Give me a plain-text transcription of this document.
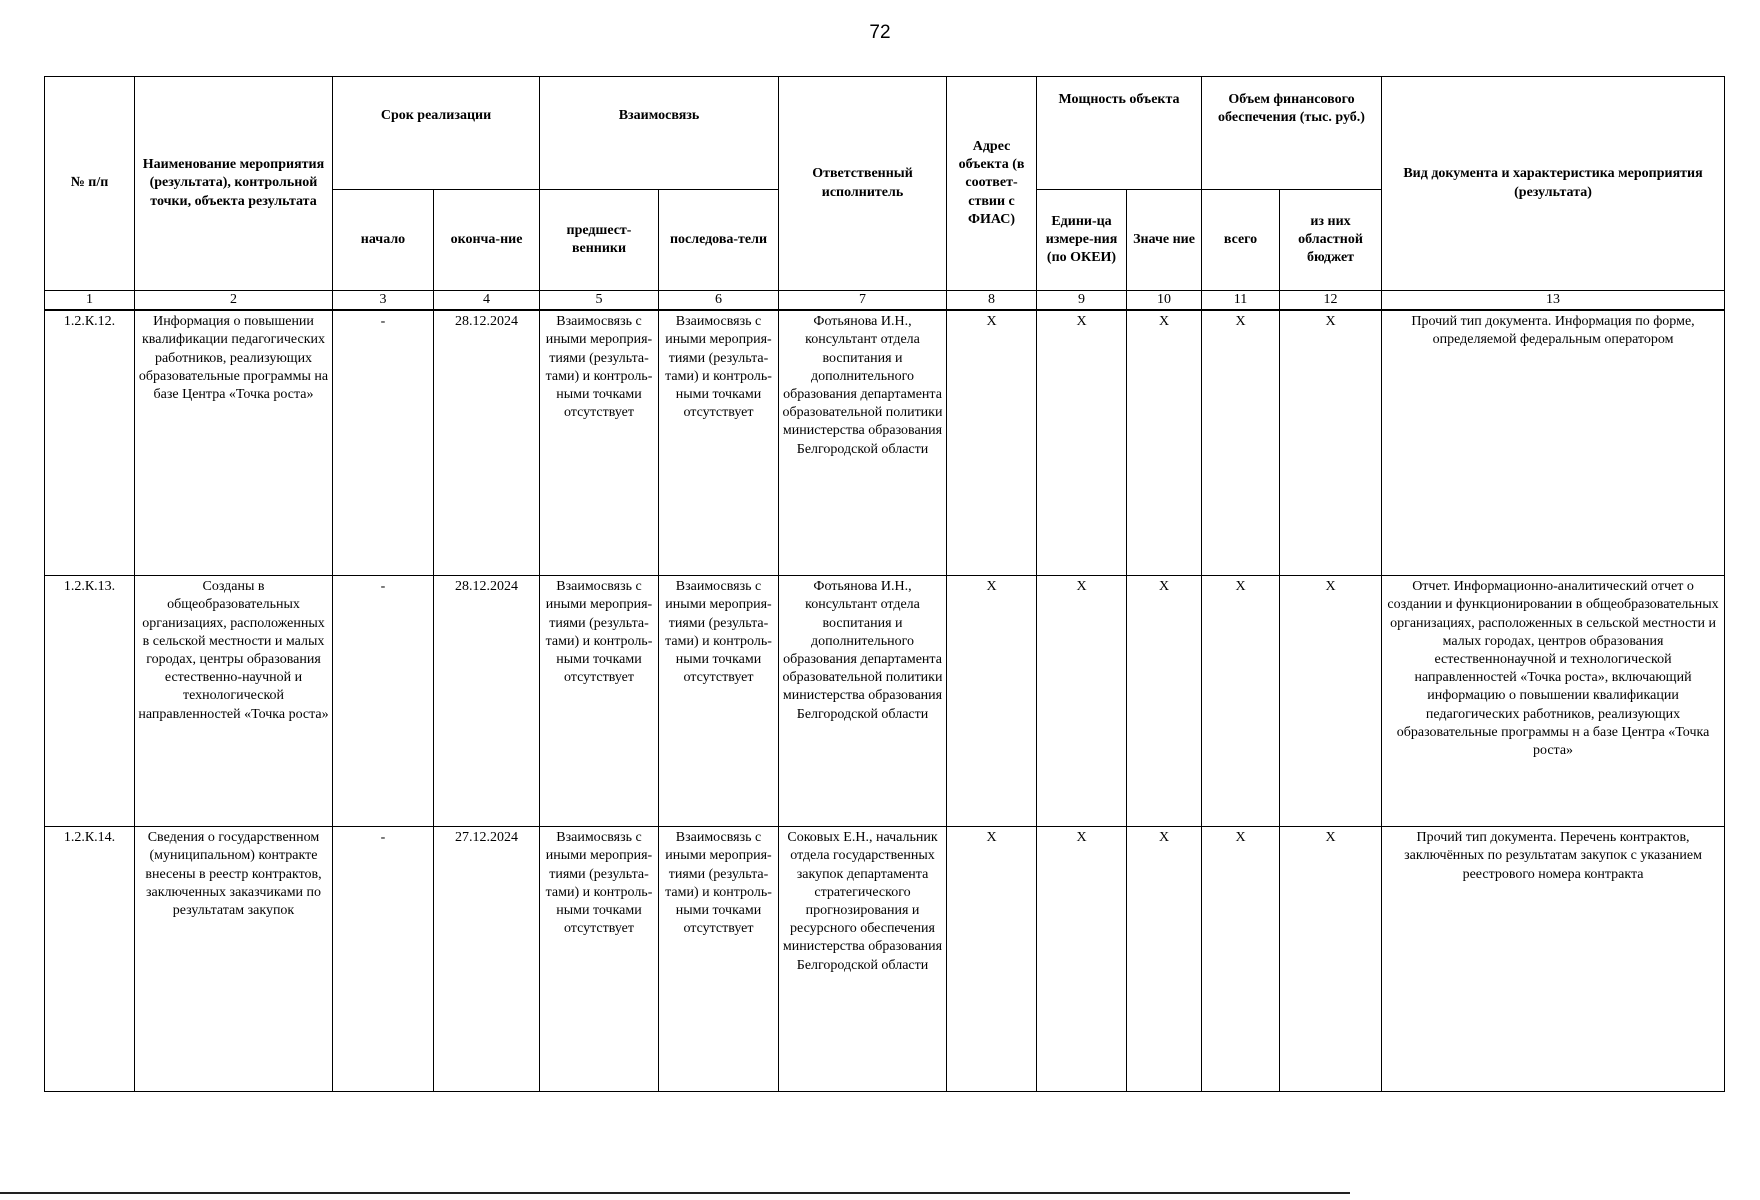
72
№ п/п	Наименование мероприятия (результата), контрольной точки, объекта результата	Срок реализации		Взаимосвязь		Ответственный исполнитель	Адрес объекта (в соответ-ствии с ФИАС)	Мощность объекта		Объем финансового обеспечения (тыс. руб.)		Вид документа и характеристика мероприятия (результата)
		начало	оконча-ние	предшест-венники	последова-тели			Едини-ца измере-ния (по ОКЕИ)	Значе ние	всего	из них областной бюджет	
1	2	3	4	5	6	7	8	9	10	11	12	13
1.2.К.12.	Информация о повышении квалификации педагогических работников, реализующих образовательные программы на базе Центра «Точка роста»	-	28.12.2024	Взаимосвязь с иными мероприя-тиями (результа-тами) и контроль-ными точками отсутствует	Взаимосвязь с иными мероприя-тиями (результа-тами) и контроль-ными точками отсутствует	Фотьянова И.Н., консультант отдела воспитания и дополнительного образования департамента образовательной политики министерства образования Белгородской области	X	X	X	X	X	Прочий тип документа. Информация по форме, определяемой федеральным оператором
1.2.К.13.	Созданы в общеобразовательных организациях, расположенных в сельской местности и малых городах, центры образования естественно-научной и технологической направленностей «Точка роста»	-	28.12.2024	Взаимосвязь с иными мероприя-тиями (результа-тами) и контроль-ными точками отсутствует	Взаимосвязь с иными мероприя-тиями (результа-тами) и контроль-ными точками отсутствует	Фотьянова И.Н., консультант отдела воспитания и дополнительного образования департамента образовательной политики министерства образования Белгородской области	X	X	X	X	X	Отчет. Информационно-аналитический отчет о создании и функционировании в общеобразовательных организациях, расположенных в сельской местности и малых городах, центров образования естественнонаучной и технологической направленностей «Точка роста», включающий информацию о повышении квалификации педагогических работников, реализующих образовательные программы н а базе Центра «Точка роста»
1.2.К.14.	Сведения о государственном (муниципальном) контракте внесены в реестр контрактов, заключенных заказчиками по результатам закупок	-	27.12.2024	Взаимосвязь с иными мероприя-тиями (результа-тами) и контроль-ными точками отсутствует	Взаимосвязь с иными мероприя-тиями (результа-тами) и контроль-ными точками отсутствует	Соковых Е.Н., начальник отдела государственных закупок департамента стратегического прогнозирования и ресурсного обеспечения министерства образования Белгородской области	X	X	X	X	X	Прочий тип документа. Перечень контрактов, заключённых по результатам закупок с указанием реестрового номера контракта
